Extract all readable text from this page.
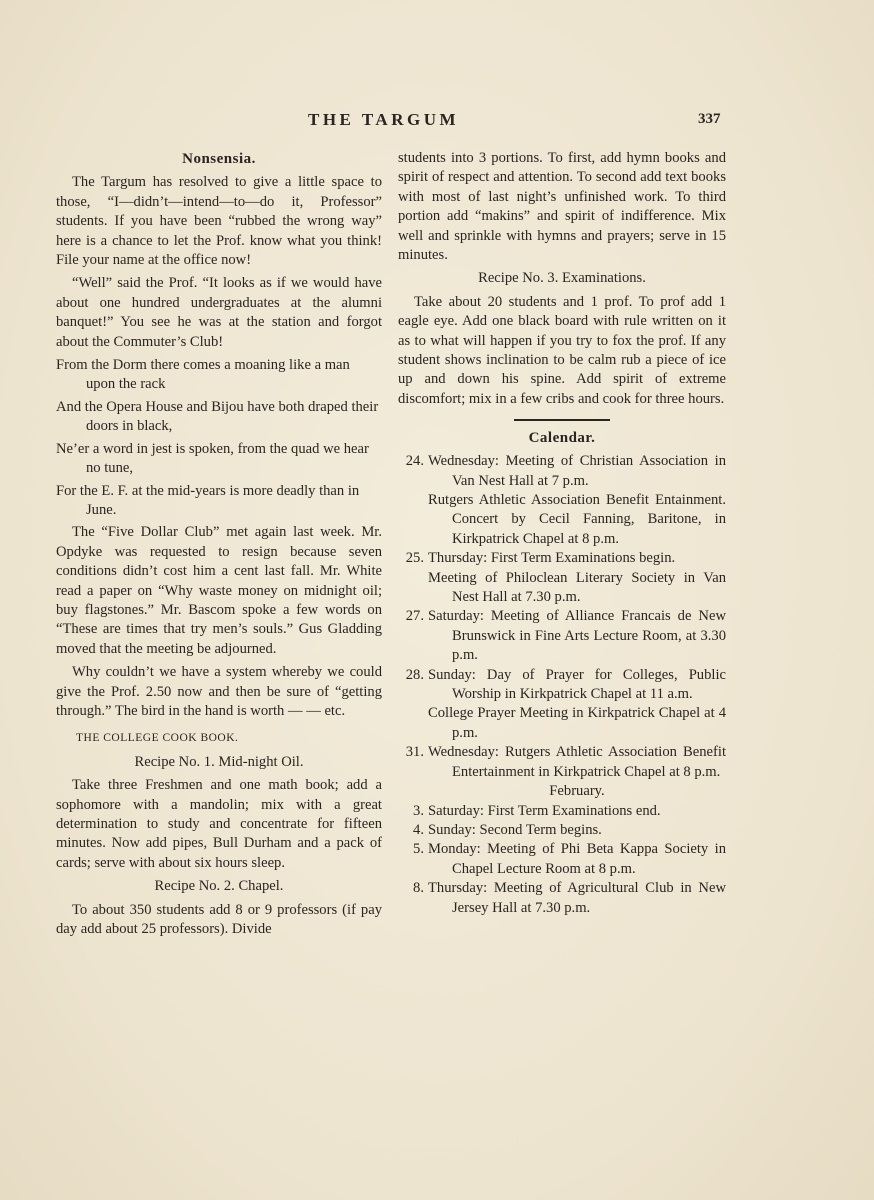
THE TARGUM	337
Nonsensia.

The Targum has resolved to give a little space to those, “I—didn’t—intend—to—do it, Professor” students. If you have been “rubbed the wrong way” here is a chance to let the Prof. know what you think! File your name at the office now!

“Well” said the Prof. “It looks as if we would have about one hundred undergraduates at the alumni banquet!” You see he was at the station and forgot about the Commuter’s Club!

From the Dorm there comes a moaning like a man upon the rack
And the Opera House and Bijou have both draped their doors in black,
Ne’er a word in jest is spoken, from the quad we hear no tune,
For the E. F. at the mid-years is more deadly than in June.

The “Five Dollar Club” met again last week. Mr. Opdyke was requested to resign because seven conditions didn’t cost him a cent last fall. Mr. White read a paper on “Why waste money on midnight oil; buy flagstones.” Mr. Bascom spoke a few words on “These are times that try men’s souls.” Gus Gladding moved that the meeting be adjourned.

Why couldn’t we have a system whereby we could give the Prof. 2.50 now and then be sure of “getting through.” The bird in the hand is worth — — etc.

THE COLLEGE COOK BOOK.
Recipe No. 1. Mid-night Oil.

Take three Freshmen and one math book; add a sophomore with a mandolin; mix with a great determination to study and concentrate for fifteen minutes. Now add pipes, Bull Durham and a pack of cards; serve with about six hours sleep.

Recipe No. 2. Chapel.

To about 350 students add 8 or 9 professors (if pay day add about 25 professors). Divide

students into 3 portions. To first, add hymn books and spirit of respect and attention. To second add text books with most of last night’s unfinished work. To third portion add “makins” and spirit of indifference. Mix well and sprinkle with hymns and prayers; serve in 15 minutes.

Recipe No. 3. Examinations.

Take about 20 students and 1 prof. To prof add 1 eagle eye. Add one black board with rule written on it as to what will happen if you try to fox the prof. If any student shows inclination to be calm rub a piece of ice up and down his spine. Add spirit of extreme discomfort; mix in a few cribs and cook for three hours.

Calendar.
24. Wednesday: Meeting of Christian Association in Van Nest Hall at 7 p.m.
Rutgers Athletic Association Benefit Entainment. Concert by Cecil Fanning, Baritone, in Kirkpatrick Chapel at 8 p.m.
25. Thursday: First Term Examinations begin.
Meeting of Philoclean Literary Society in Van Nest Hall at 7.30 p.m.
27. Saturday: Meeting of Alliance Francais de New Brunswick in Fine Arts Lecture Room, at 3.30 p.m.
28. Sunday: Day of Prayer for Colleges, Public Worship in Kirkpatrick Chapel at 11 a.m.
College Prayer Meeting in Kirkpatrick Chapel at 4 p.m.
31. Wednesday: Rutgers Athletic Association Benefit Entertainment in Kirkpatrick Chapel at 8 p.m.
February.
3. Saturday: First Term Examinations end.
4. Sunday: Second Term begins.
5. Monday: Meeting of Phi Beta Kappa Society in Chapel Lecture Room at 8 p.m.
8. Thursday: Meeting of Agricultural Club in New Jersey Hall at 7.30 p.m.
